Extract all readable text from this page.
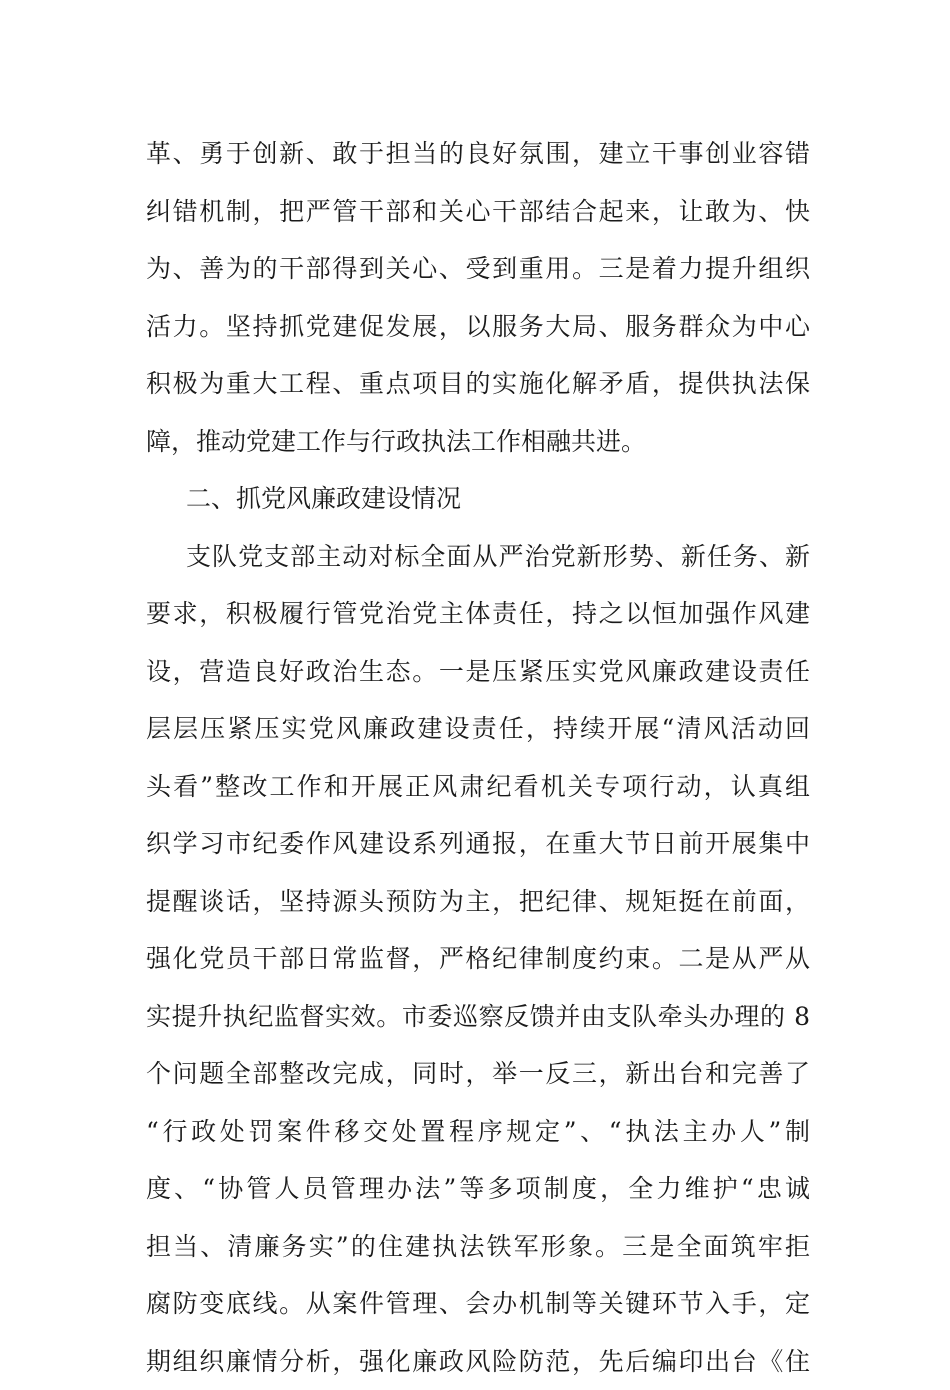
革、勇于创新、敢于担当的良好氛围，建立干事创业容错
纠错机制，把严管干部和关心干部结合起来，让敢为、快
为、善为的干部得到关心、受到重用。三是着力提升组织
活力。坚持抓党建促发展，以服务大局、服务群众为中心
积极为重大工程、重点项目的实施化解矛盾，提供执法保
障，推动党建工作与行政执法工作相融共进。
二、抓党风廉政建设情况
支队党支部主动对标全面从严治党新形势、新任务、新
要求，积极履行管党治党主体责任，持之以恒加强作风建
设，营造良好政治生态。一是压紧压实党风廉政建设责任
层层压紧压实党风廉政建设责任，持续开展“清风活动回
头看”整改工作和开展正风肃纪看机关专项行动，认真组
织学习市纪委作风建设系列通报，在重大节日前开展集中
提醒谈话，坚持源头预防为主，把纪律、规矩挺在前面，
强化党员干部日常监督，严格纪律制度约束。二是从严从
实提升执纪监督实效。市委巡察反馈并由支队牵头办理的 8
个问题全部整改完成，同时，举一反三，新出台和完善了
“行政处罚案件移交处置程序规定”、“执法主办人”制
度、“协管人员管理办法”等多项制度，全力维护“忠诚
担当、清廉务实”的住建执法铁军形象。三是全面筑牢拒
腐防变底线。从案件管理、会办机制等关键环节入手，定
期组织廉情分析，强化廉政风险防范，先后编印出台《住
